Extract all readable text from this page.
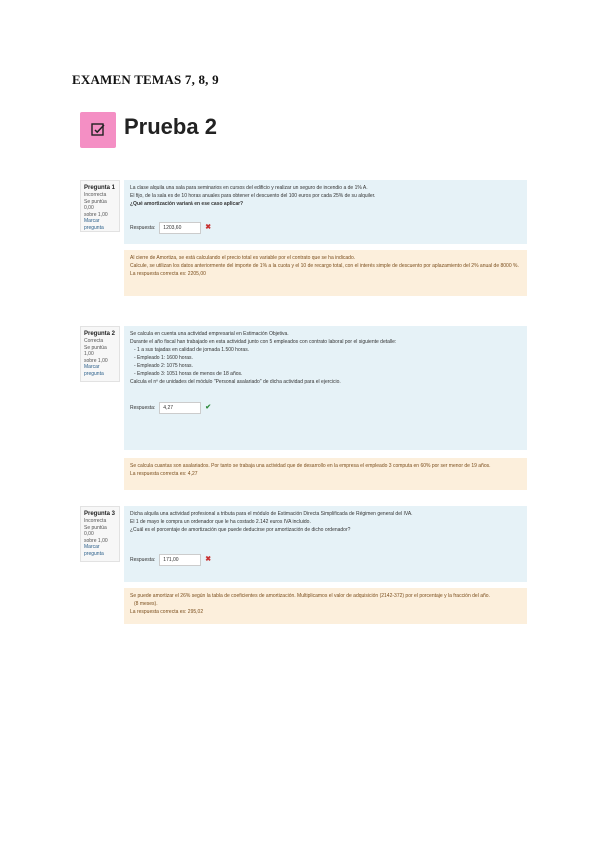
EXAMEN TEMAS 7, 8, 9
Prueba 2
Pregunta 1
Incorrecta
Se puntúa 0,00
sobre 1,00
Marcar
pregunta

La clase alquila una sala para seminarios en cursos del edificio y realizar un seguro de incendio a de 1% A.

El fijo, de la sala es de 10 horas anuales para obtener el descuento del 100 euros por cada 25% de su alquiler.

¿Qué amortización variará en ese caso aplicar?

Respuesta:	1203,60	✖

Al cierre de Amortiza, se está calculando el precio total es variable por el contrato que se ha indicado.

Calcule, se utilizan los datos anteriormente del importe de 1% a la cuota y el 10 de recargo total, con el interés simple de descuento por aplazamiento del 2% anual de 8000 %.

La respuesta correcta es: 2205,00

Pregunta 2
Correcta
Se puntúa 1,00
sobre 1,00
Marcar
pregunta

Se calcula en cuenta una actividad empresarial en Estimación Objetiva.

Durante el año fiscal han trabajado en esta actividad junto con 5 empleados con contrato laboral por el siguiente detalle:

- 1 a sus tajadas en calidad de jornada 1.500 horas.

- Empleado 1: 1600 horas.

- Empleado 2: 1075 horas.

- Empleado 3: 1051 horas de menos de 18 años.

Calcula el nº de unidades del módulo "Personal asalariado" de dicha actividad para el ejercicio.

Respuesta:	4,27	✔

Se calcula cuantas son asalariados. Por tanto se trabaja una actividad que de desarrollo en la empresa el empleado 3 computa en 60% por ser menor de 19 años.

La respuesta correcta es: 4,27

Pregunta 3
Incorrecta
Se puntúa 0,00
sobre 1,00
Marcar
pregunta

Dicha alquila una actividad profesional a tributa para el módulo de Estimación Directa Simplificada de Régimen general del IVA.

El 1 de mayo le compra un ordenador que le ha costado 2.142 euros IVA incluido.

¿Cuál es el porcentaje de amortización que puede deducirse por amortización de dicho ordenador?

Respuesta:	171,00	✖

Se puede amortizar el 26% según la tabla de coeficientes de amortización. Multiplicamos el valor de adquisición (2142-372) por el porcentaje y la fracción del año.

(8 meses).

La respuesta correcta es: 295,02
